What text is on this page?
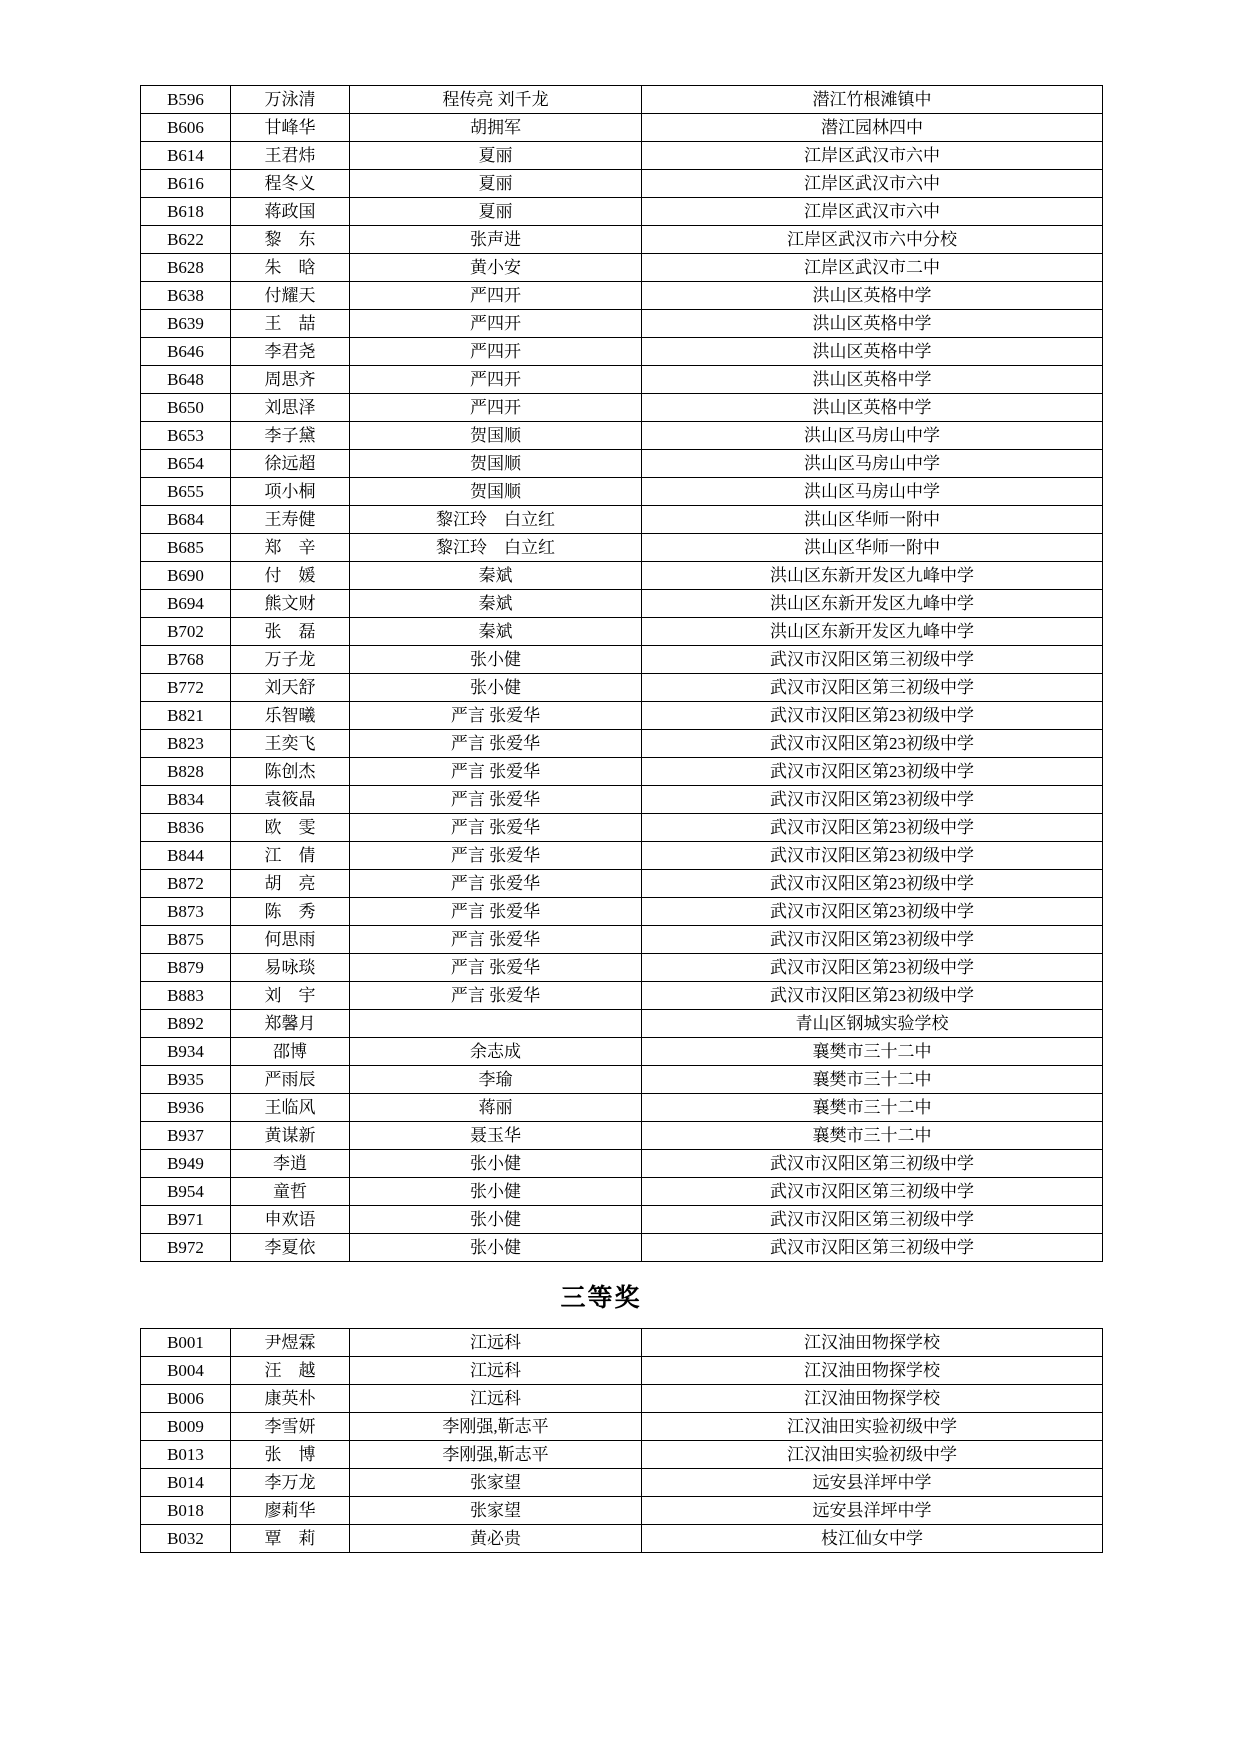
B596	万泳清	程传亮 刘千龙	潜江竹根滩镇中
B606	甘峰华	胡拥军	潜江园林四中
B614	王君炜	夏丽	江岸区武汉市六中
B616	程冬义	夏丽	江岸区武汉市六中
B618	蒋政国	夏丽	江岸区武汉市六中
B622	黎　东	张声进	江岸区武汉市六中分校
B628	朱　晗	黄小安	江岸区武汉市二中
B638	付耀天	严四开	洪山区英格中学
B639	王　喆	严四开	洪山区英格中学
B646	李君尧	严四开	洪山区英格中学
B648	周思齐	严四开	洪山区英格中学
B650	刘思泽	严四开	洪山区英格中学
B653	李子黛	贺国顺	洪山区马房山中学
B654	徐远超	贺国顺	洪山区马房山中学
B655	项小桐	贺国顺	洪山区马房山中学
B684	王寿健	黎江玲　白立红	洪山区华师一附中
B685	郑　辛	黎江玲　白立红	洪山区华师一附中
B690	付　媛	秦斌	洪山区东新开发区九峰中学
B694	熊文财	秦斌	洪山区东新开发区九峰中学
B702	张　磊	秦斌	洪山区东新开发区九峰中学
B768	万子龙	张小健	武汉市汉阳区第三初级中学
B772	刘天舒	张小健	武汉市汉阳区第三初级中学
B821	乐智曦	严言 张爱华	武汉市汉阳区第23初级中学
B823	王奕飞	严言 张爱华	武汉市汉阳区第23初级中学
B828	陈创杰	严言 张爱华	武汉市汉阳区第23初级中学
B834	袁筱晶	严言 张爱华	武汉市汉阳区第23初级中学
B836	欧　雯	严言 张爱华	武汉市汉阳区第23初级中学
B844	江　倩	严言 张爱华	武汉市汉阳区第23初级中学
B872	胡　亮	严言 张爱华	武汉市汉阳区第23初级中学
B873	陈　秀	严言 张爱华	武汉市汉阳区第23初级中学
B875	何思雨	严言 张爱华	武汉市汉阳区第23初级中学
B879	易咏琰	严言 张爱华	武汉市汉阳区第23初级中学
B883	刘　宇	严言 张爱华	武汉市汉阳区第23初级中学
B892	郑馨月		青山区钢城实验学校
B934	邵博	余志成	襄樊市三十二中
B935	严雨辰	李瑜	襄樊市三十二中
B936	王临风	蒋丽	襄樊市三十二中
B937	黄谋新	聂玉华	襄樊市三十二中
B949	李逍	张小健	武汉市汉阳区第三初级中学
B954	童哲	张小健	武汉市汉阳区第三初级中学
B971	申欢语	张小健	武汉市汉阳区第三初级中学
B972	李夏依	张小健	武汉市汉阳区第三初级中学
三等奖
B001	尹煜霖	江远科	江汉油田物探学校
B004	汪　越	江远科	江汉油田物探学校
B006	康英朴	江远科	江汉油田物探学校
B009	李雪妍	李刚强,靳志平	江汉油田实验初级中学
B013	张　博	李刚强,靳志平	江汉油田实验初级中学
B014	李万龙	张家望	远安县洋坪中学
B018	廖莉华	张家望	远安县洋坪中学
B032	覃　莉	黄必贵	枝江仙女中学
